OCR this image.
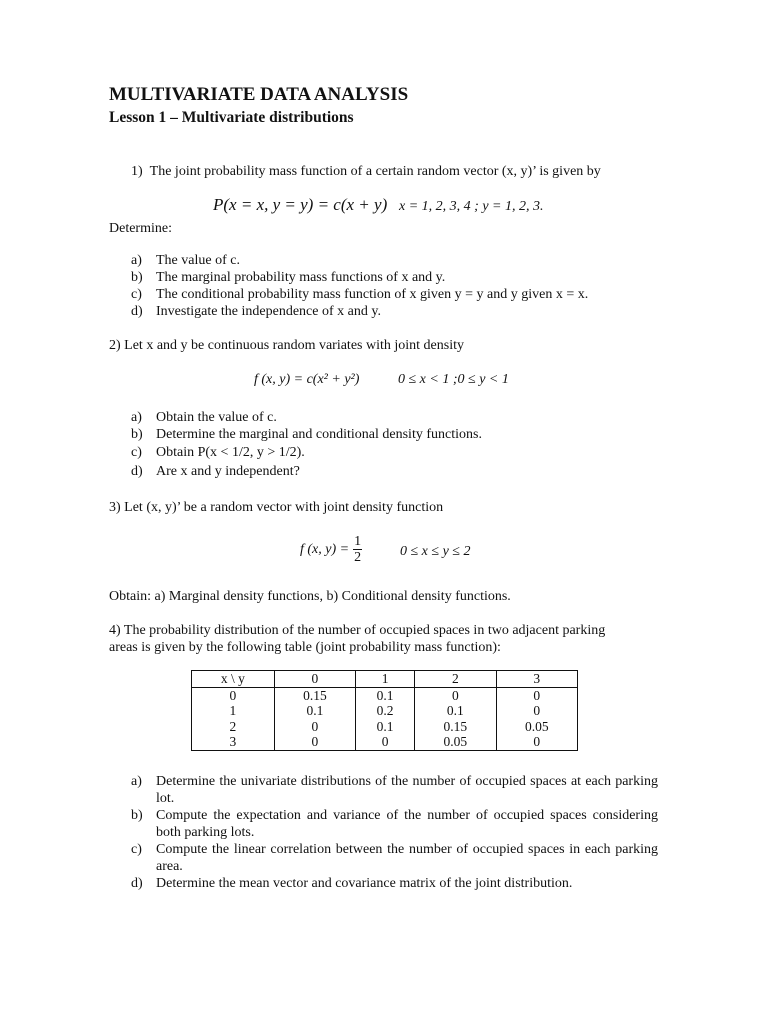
MULTIVARIATE DATA ANALYSIS
Lesson 1 – Multivariate distributions
1)  The joint probability mass function of a certain random vector (x, y)’ is given by
P(x = x, y = y) = c(x + y) x = 1, 2, 3, 4 ; y = 1, 2, 3.
Determine:
a) The value of c.
b) The marginal probability mass functions of x and y.
c) The conditional probability mass function of x given y = y and y given x = x.
d) Investigate the independence of x and y.
2) Let x and y be continuous random variates with joint density
f (x, y) = c(x² + y²)	0 ≤ x < 1 ;0 ≤ y < 1
a) Obtain the value of c.
b) Determine the marginal and conditional density functions.
c) Obtain P(x < 1/2, y > 1/2).
d) Are x and y independent?
3) Let (x, y)’ be a random vector with joint density function
f (x, $y) = \frac{1}{2}$	0 ≤ x ≤ y ≤ 2
Obtain: a) Marginal density functions, b) Conditional density functions.
4) The probability distribution of the number of occupied spaces in two adjacent parking
areas is given by the following table (joint probability mass function):
x \ y	0	1	2	3
0	0.15	0.1	0	0
1	0.1	0.2	0.1	0
2	0	0.1	0.15	0.05
3	0	0	0.05	0
a) Determine the univariate distributions of the number of occupied spaces at each parking lot.
b) Compute the expectation and variance of the number of occupied spaces considering both parking lots.
c) Compute the linear correlation between the number of occupied spaces in each parking area.
d) Determine the mean vector and covariance matrix of the joint distribution.
